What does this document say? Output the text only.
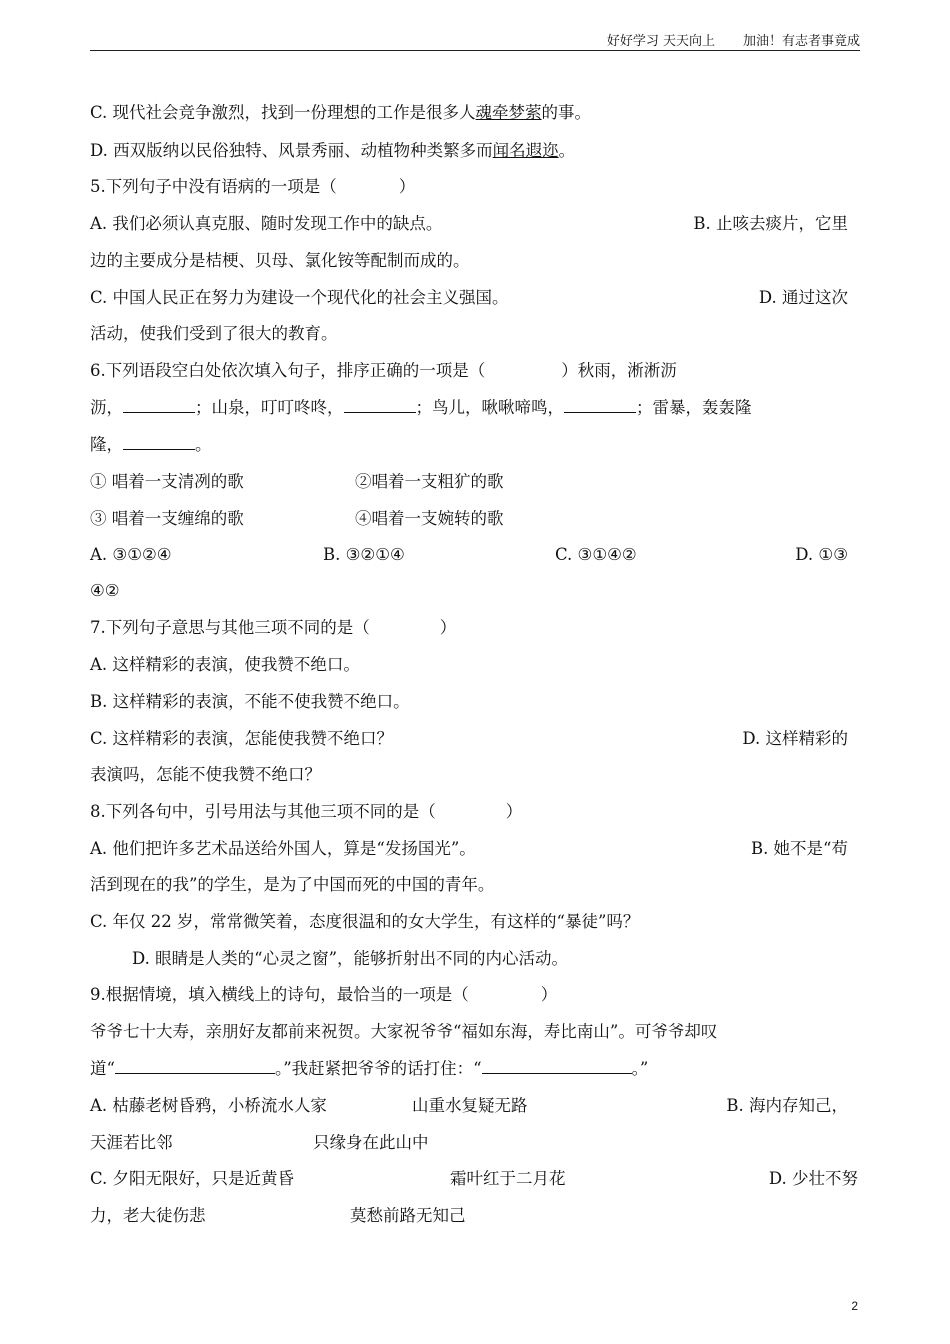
好好学习 天天向上 加油！有志者事竟成
C. 现代社会竞争激烈，找到一份理想的工作是很多人魂牵梦萦的事。
D. 西双版纳以民俗独特、风景秀丽、动植物种类繁多而闻名遐迩。
5.下列句子中没有语病的一项是（	）
A. 我们必须认真克服、随时发现工作中的缺点。	B. 止咳去痰片，它里
边的主要成分是桔梗、贝母、氯化铵等配制而成的。
C. 中国人民正在努力为建设一个现代化的社会主义强国。	D. 通过这次
活动，使我们受到了很大的教育。
6.下列语段空白处依次填入句子，排序正确的一项是（	）秋雨，淅淅沥
沥，	；山泉，叮叮咚咚，	；鸟儿，啾啾啼鸣，	；雷暴，轰轰隆
隆，	。
① 唱着一支清冽的歌	②唱着一支粗犷的歌
③ 唱着一支缠绵的歌	④唱着一支婉转的歌
A. ③①②④	B. ③②①④	C. ③①④②	D. ①③
④②
7.下列句子意思与其他三项不同的是（	）
A. 这样精彩的表演，使我赞不绝口。
B. 这样精彩的表演，不能不使我赞不绝口。
C. 这样精彩的表演，怎能使我赞不绝口？	D. 这样精彩的
表演吗，怎能不使我赞不绝口？
8.下列各句中，引号用法与其他三项不同的是（	）
A. 他们把许多艺术品送给外国人，算是“发扬国光”。	B. 她不是“苟
活到现在的我”的学生，是为了中国而死的中国的青年。
C. 年仅 22 岁，常常微笑着，态度很温和的女大学生，有这样的“暴徒”吗？
D. 眼睛是人类的“心灵之窗”，能够折射出不同的内心活动。
9.根据情境，填入横线上的诗句，最恰当的一项是（	）
爷爷七十大寿，亲朋好友都前来祝贺。大家祝爷爷“福如东海，寿比南山”。可爷爷却叹
道“	。”我赶紧把爷爷的话打住：“	。”
A. 枯藤老树昏鸦，小桥流水人家	山重水复疑无路	B. 海内存知己，
天涯若比邻	只缘身在此山中
C. 夕阳无限好，只是近黄昏	霜叶红于二月花	D. 少壮不努
力，老大徒伤悲	莫愁前路无知己
2
